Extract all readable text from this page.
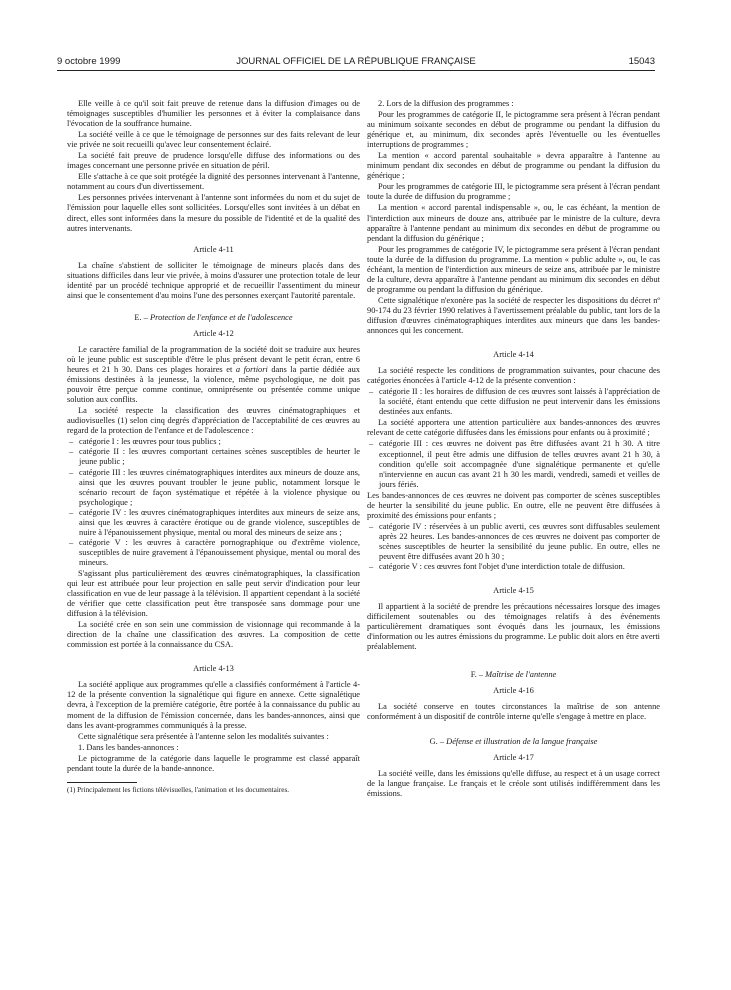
9 octobre 1999	JOURNAL OFFICIEL DE LA RÉPUBLIQUE FRANÇAISE	15043

Elle veille à ce qu'il soit fait preuve de retenue dans la diffusion d'images ou de témoignages susceptibles d'humilier les personnes et à éviter la complaisance dans l'évocation de la souffrance humaine.

La société veille à ce que le témoignage de personnes sur des faits relevant de leur vie privée ne soit recueilli qu'avec leur consentement éclairé.

La société fait preuve de prudence lorsqu'elle diffuse des informations ou des images concernant une personne privée en situation de péril.

Elle s'attache à ce que soit protégée la dignité des personnes intervenant à l'antenne, notamment au cours d'un divertissement.

Les personnes privées intervenant à l'antenne sont informées du nom et du sujet de l'émission pour laquelle elles sont sollicitées. Lorsqu'elles sont invitées à un débat en direct, elles sont informées dans la mesure du possible de l'identité et de la qualité des autres intervenants.

Article 4-11

La chaîne s'abstient de solliciter le témoignage de mineurs placés dans des situations difficiles dans leur vie privée, à moins d'assurer une protection totale de leur identité par un procédé technique approprié et de recueillir l'assentiment du mineur ainsi que le consentement d'au moins l'une des personnes exerçant l'autorité parentale.

E. – Protection de l'enfance et de l'adolescence

Article 4-12

Le caractère familial de la programmation de la société doit se traduire aux heures où le jeune public est susceptible d'être le plus présent devant le petit écran, entre 6 heures et 21 h 30. Dans ces plages horaires et a fortiori dans la partie dédiée aux émissions destinées à la jeunesse, la violence, même psychologique, ne doit pas pouvoir être perçue comme continue, omniprésente ou présentée comme unique solution aux conflits.

La société respecte la classification des œuvres cinématographiques et audiovisuelles (1) selon cinq degrés d'appréciation de l'acceptabilité de ces œuvres au regard de la protection de l'enfance et de l'adolescence :

– catégorie I : les œuvres pour tous publics ;
– catégorie II : les œuvres comportant certaines scènes susceptibles de heurter le jeune public ;
– catégorie III : les œuvres cinématographiques interdites aux mineurs de douze ans, ainsi que les œuvres pouvant troubler le jeune public, notamment lorsque le scénario recourt de façon systématique et répétée à la violence physique ou psychologique ;
– catégorie IV : les œuvres cinématographiques interdites aux mineurs de seize ans, ainsi que les œuvres à caractère érotique ou de grande violence, susceptibles de nuire à l'épanouissement physique, mental ou moral des mineurs de seize ans ;
– catégorie V : les œuvres à caractère pornographique ou d'extrême violence, susceptibles de nuire gravement à l'épanouissement physique, mental ou moral des mineurs.

S'agissant plus particulièrement des œuvres cinématographiques, la classification qui leur est attribuée pour leur projection en salle peut servir d'indication pour leur classification en vue de leur passage à la télévision. Il appartient cependant à la société de vérifier que cette classification peut être transposée sans dommage pour une diffusion à la télévision.

La société crée en son sein une commission de visionnage qui recommande à la direction de la chaîne une classification des œuvres. La composition de cette commission est portée à la connaissance du CSA.

Article 4-13

La société applique aux programmes qu'elle a classifiés conformément à l'article 4-12 de la présente convention la signalétique qui figure en annexe. Cette signalétique devra, à l'exception de la première catégorie, être portée à la connaissance du public au moment de la diffusion de l'émission concernée, dans les bandes-annonces, ainsi que dans les avant-programmes communiqués à la presse.

Cette signalétique sera présentée à l'antenne selon les modalités suivantes :

1. Dans les bandes-annonces :

Le pictogramme de la catégorie dans laquelle le programme est classé apparaît pendant toute la durée de la bande-annonce.

(1) Principalement les fictions télévisuelles, l'animation et les documentaires.

2. Lors de la diffusion des programmes :

Pour les programmes de catégorie II, le pictogramme sera présent à l'écran pendant au minimum soixante secondes en début de programme ou pendant la diffusion du générique et, au minimum, dix secondes après l'éventuelle ou les éventuelles interruptions de programmes ;

La mention « accord parental souhaitable » devra apparaître à l'antenne au minimum pendant dix secondes en début de programme ou pendant la diffusion du générique ;

Pour les programmes de catégorie III, le pictogramme sera présent à l'écran pendant toute la durée de diffusion du programme ;

La mention « accord parental indispensable », ou, le cas échéant, la mention de l'interdiction aux mineurs de douze ans, attribuée par le ministre de la culture, devra apparaître à l'antenne pendant au minimum dix secondes en début de programme ou pendant la diffusion du générique ;

Pour les programmes de catégorie IV, le pictogramme sera présent à l'écran pendant toute la durée de la diffusion du programme. La mention « public adulte », ou, le cas échéant, la mention de l'interdiction aux mineurs de seize ans, attribuée par le ministre de la culture, devra apparaître à l'antenne pendant au minimum dix secondes en début de programme ou pendant la diffusion du générique.

Cette signalétique n'exonère pas la société de respecter les dispositions du décret nº 90-174 du 23 février 1990 relatives à l'avertissement préalable du public, tant lors de la diffusion d'œuvres cinématographiques interdites aux mineurs que dans les bandes-annonces qui les concernent.

Article 4-14

La société respecte les conditions de programmation suivantes, pour chacune des catégories énoncées à l'article 4-12 de la présente convention :

– catégorie II : les horaires de diffusion de ces œuvres sont laissés à l'appréciation de la société, étant entendu que cette diffusion ne peut intervenir dans les émissions destinées aux enfants.

La société apportera une attention particulière aux bandes-annonces des œuvres relevant de cette catégorie diffusées dans les émissions pour enfants ou à proximité ;

– catégorie III : ces œuvres ne doivent pas être diffusées avant 21 h 30. A titre exceptionnel, il peut être admis une diffusion de telles œuvres avant 21 h 30, à condition qu'elle soit accompagnée d'une signalétique permanente et qu'elle n'intervienne en aucun cas avant 21 h 30 les mardi, vendredi, samedi et veilles de jours fériés.

Les bandes-annonces de ces œuvres ne doivent pas comporter de scènes susceptibles de heurter la sensibilité du jeune public. En outre, elle ne peuvent être diffusées à proximité des émissions pour enfants ;

– catégorie IV : réservées à un public averti, ces œuvres sont diffusables seulement après 22 heures. Les bandes-annonces de ces œuvres ne doivent pas comporter de scènes susceptibles de heurter la sensibilité du jeune public. En outre, elles ne peuvent être diffusées avant 20 h 30 ;
– catégorie V : ces œuvres font l'objet d'une interdiction totale de diffusion.

Article 4-15

Il appartient à la société de prendre les précautions nécessaires lorsque des images difficilement soutenables ou des témoignages relatifs à des événements particulièrement dramatiques sont évoqués dans les journaux, les émissions d'information ou les autres émissions du programme. Le public doit alors en être averti préalablement.

F. – Maîtrise de l'antenne

Article 4-16

La société conserve en toutes circonstances la maîtrise de son antenne conformément à un dispositif de contrôle interne qu'elle s'engage à mettre en place.

G. – Défense et illustration de la langue française

Article 4-17

La société veille, dans les émissions qu'elle diffuse, au respect et à un usage correct de la langue française. Le français et le créole sont utilisés indifféremment dans les émissions.
